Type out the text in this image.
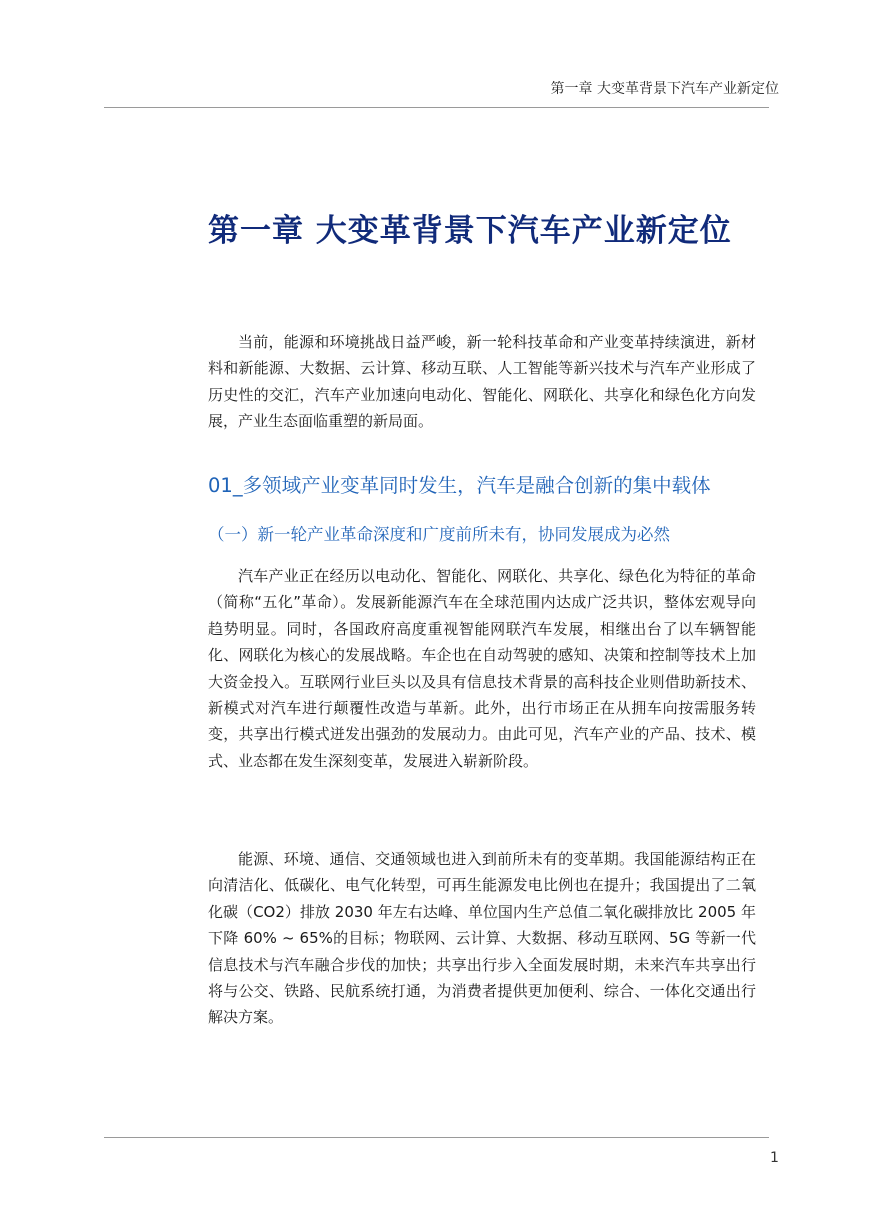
第一章 大变革背景下汽车产业新定位
第一章 大变革背景下汽车产业新定位

当前，能源和环境挑战日益严峻，新一轮科技革命和产业变革持续演进，新材料和新能源、大数据、云计算、移动互联、人工智能等新兴技术与汽车产业形成了历史性的交汇，汽车产业加速向电动化、智能化、网联化、共享化和绿色化方向发展，产业生态面临重塑的新局面。

01_多领域产业变革同时发生，汽车是融合创新的集中载体
（一）新一轮产业革命深度和广度前所未有，协同发展成为必然

汽车产业正在经历以电动化、智能化、网联化、共享化、绿色化为特征的革命（简称“五化”革命）。发展新能源汽车在全球范围内达成广泛共识，整体宏观导向趋势明显。同时，各国政府高度重视智能网联汽车发展，相继出台了以车辆智能化、网联化为核心的发展战略。车企也在自动驾驶的感知、决策和控制等技术上加大资金投入。互联网行业巨头以及具有信息技术背景的高科技企业则借助新技术、新模式对汽车进行颠覆性改造与革新。此外，出行市场正在从拥车向按需服务转变，共享出行模式迸发出强劲的发展动力。由此可见，汽车产业的产品、技术、模式、业态都在发生深刻变革，发展进入崭新阶段。

能源、环境、通信、交通领域也进入到前所未有的变革期。我国能源结构正在向清洁化、低碳化、电气化转型，可再生能源发电比例也在提升；我国提出了二氧化碳（CO2）排放 2030 年左右达峰、单位国内生产总值二氧化碳排放比 2005 年下降 60% ~ 65%的目标；物联网、云计算、大数据、移动互联网、5G 等新一代信息技术与汽车融合步伐的加快；共享出行步入全面发展时期，未来汽车共享出行将与公交、铁路、民航系统打通，为消费者提供更加便利、综合、一体化交通出行解决方案。

1
